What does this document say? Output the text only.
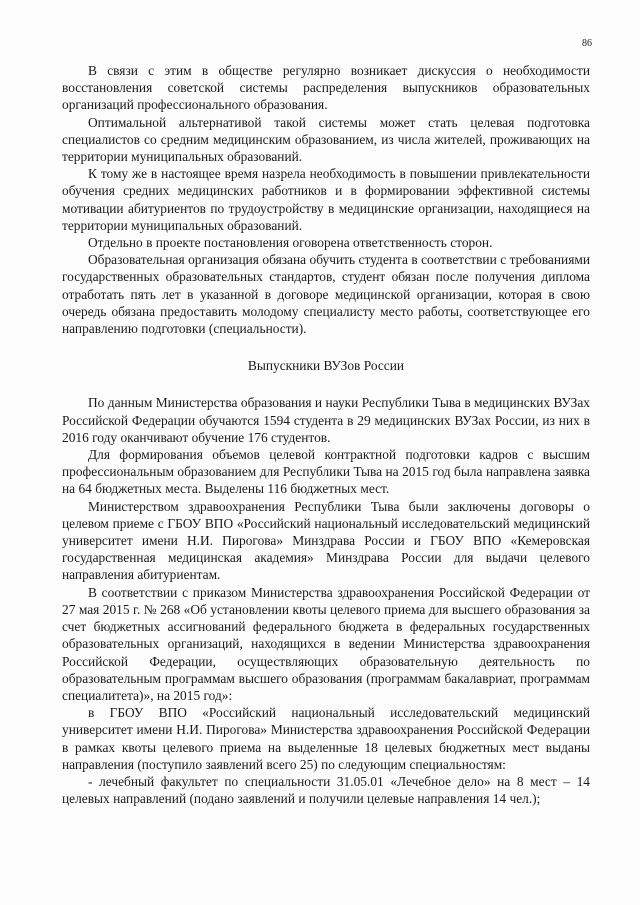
86

В связи с этим в обществе регулярно возникает дискуссия о необходимости восстановления советской системы распределения выпускников образовательных организаций профессионального образования.

Оптимальной альтернативой такой системы может стать целевая подготовка специалистов со средним медицинским образованием, из числа жителей, проживающих на территории муниципальных образований.

К тому же в настоящее время назрела необходимость в повышении привлекательности обучения средних медицинских работников и в формировании эффективной системы мотивации абитуриентов по трудоустройству в медицинские организации, находящиеся на территории муниципальных образований.

Отдельно в проекте постановления оговорена ответственность сторон.

Образовательная организация обязана обучить студента в соответствии с требованиями государственных образовательных стандартов, студент обязан после получения диплома отработать пять лет в указанной в договоре медицинской организации, которая в свою очередь обязана предоставить молодому специалисту место работы, соответствующее его направлению подготовки (специальности).

Выпускники ВУЗов России

По данным Министерства образования и науки Республики Тыва в медицинских ВУЗах Российской Федерации обучаются 1594 студента в 29 медицинских ВУЗах России, из них в 2016 году оканчивают обучение 176 студентов.

Для формирования объемов целевой контрактной подготовки кадров с высшим профессиональным образованием для Республики Тыва на 2015 год была направлена заявка на 64 бюджетных места. Выделены 116 бюджетных мест.

Министерством здравоохранения Республики Тыва были заключены договоры о целевом приеме с ГБОУ ВПО «Российский национальный исследовательский медицинский университет имени Н.И. Пирогова» Минздрава России и ГБОУ ВПО «Кемеровская государственная медицинская академия» Минздрава России для выдачи целевого направления абитуриентам.

В соответствии с приказом Министерства здравоохранения Российской Федерации от 27 мая 2015 г. № 268 «Об установлении квоты целевого приема для высшего образования за счет бюджетных ассигнований федерального бюджета в федеральных государственных образовательных организаций, находящихся в ведении Министерства здравоохранения Российской Федерации, осуществляющих образовательную деятельность по образовательным программам высшего образования (программам бакалавриат, программам специалитета)», на 2015 год»:

в ГБОУ ВПО «Российский национальный исследовательский медицинский университет имени Н.И. Пирогова» Министерства здравоохранения Российской Федерации в рамках квоты целевого приема на выделенные 18 целевых бюджетных мест выданы направления (поступило заявлений всего 25) по следующим специальностям:

- лечебный факультет по специальности 31.05.01 «Лечебное дело» на 8 мест – 14 целевых направлений (подано заявлений и получили целевые направления 14 чел.);
